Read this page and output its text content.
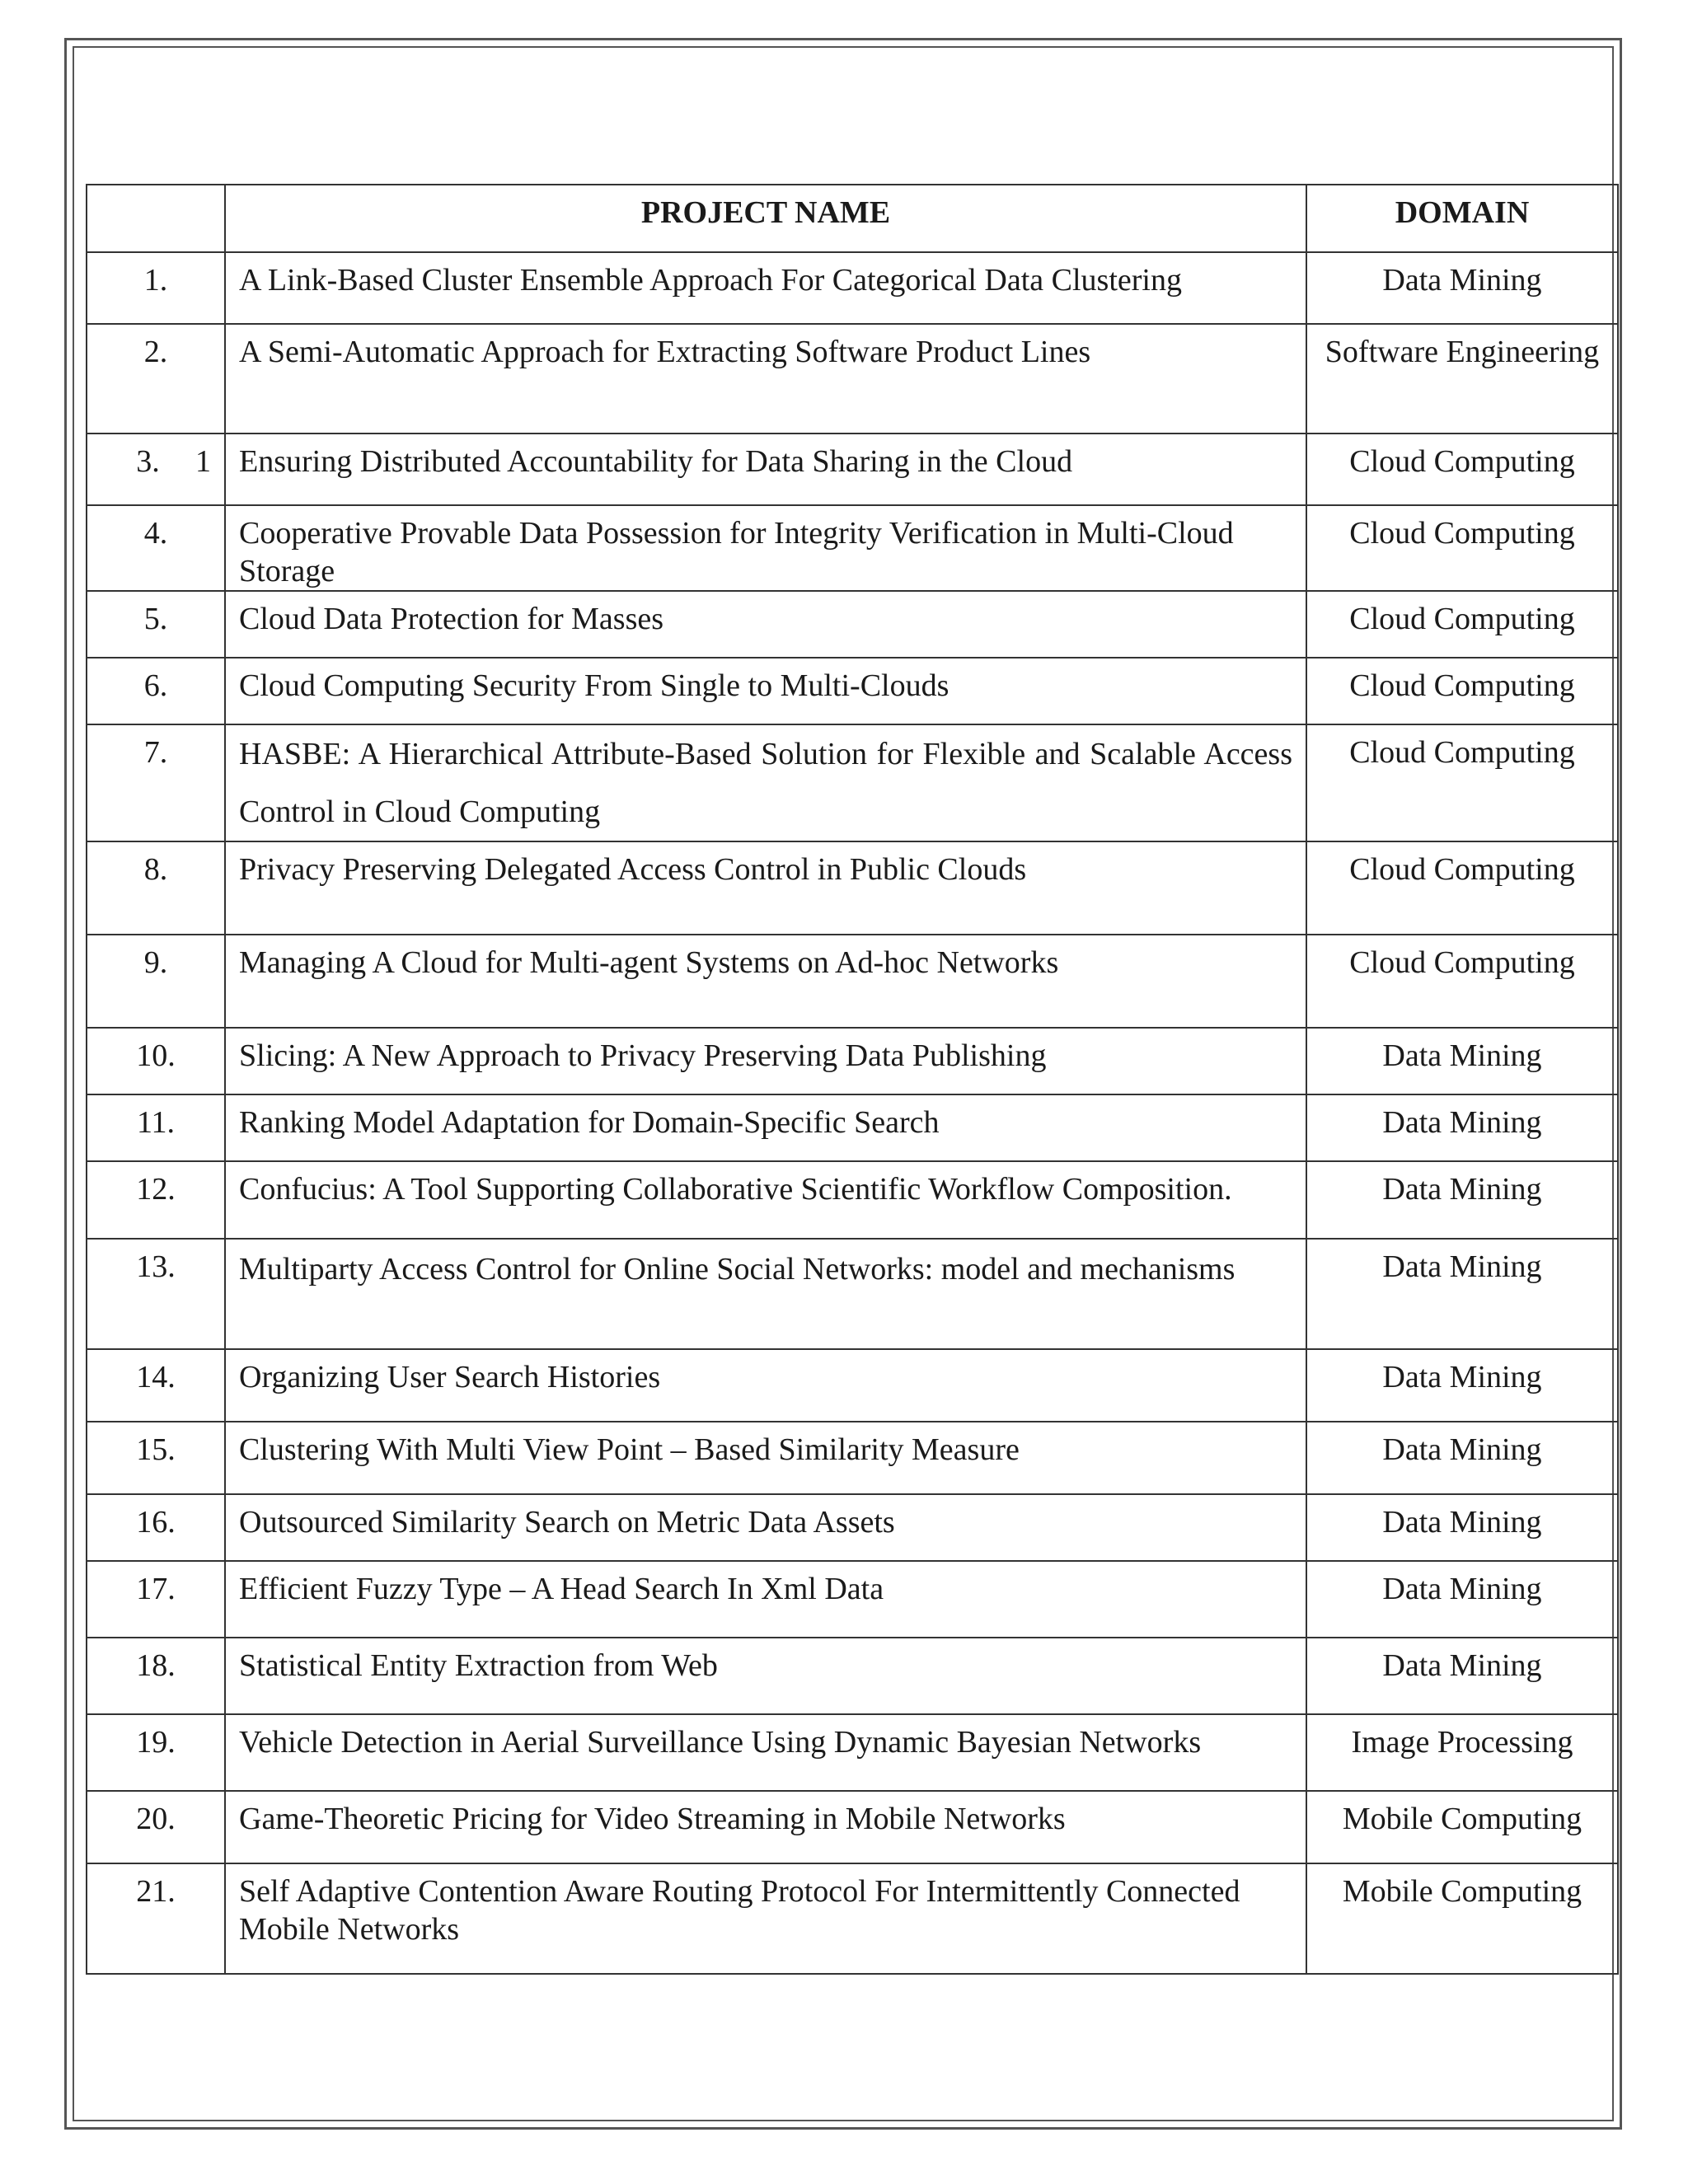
	PROJECT NAME	DOMAIN
1.	A Link-Based Cluster Ensemble Approach For Categorical Data Clustering	Data Mining
2.	A Semi-Automatic Approach for Extracting Software Product Lines	Software Engineering
3. 1	Ensuring Distributed Accountability for Data Sharing in the Cloud	Cloud Computing
4.	Cooperative Provable Data Possession for Integrity Verification in Multi-Cloud Storage	Cloud Computing
5.	Cloud Data Protection for Masses	Cloud Computing
6.	Cloud Computing Security From Single to Multi-Clouds	Cloud Computing
7.	HASBE: A Hierarchical Attribute-Based Solution for Flexible and Scalable Access Control in Cloud Computing	Cloud Computing
8.	Privacy Preserving Delegated Access Control in Public Clouds	Cloud Computing
9.	Managing A Cloud for Multi-agent Systems on Ad-hoc Networks	Cloud Computing
10.	Slicing: A New Approach to Privacy Preserving Data Publishing	Data Mining
11.	Ranking Model Adaptation for Domain-Specific Search	Data Mining
12.	Confucius: A Tool Supporting Collaborative Scientific Workflow Composition.	Data Mining
13.	Multiparty Access Control for Online Social Networks: model and mechanisms	Data Mining
14.	Organizing User Search Histories	Data Mining
15.	Clustering With Multi View Point – Based Similarity Measure	Data Mining
16.	Outsourced Similarity Search on Metric Data Assets	Data Mining
17.	Efficient Fuzzy Type – A Head Search In Xml Data	Data Mining
18.	Statistical Entity Extraction from Web	Data Mining
19.	Vehicle Detection in Aerial Surveillance Using Dynamic Bayesian Networks	Image Processing
20.	Game-Theoretic Pricing for Video Streaming in Mobile Networks	Mobile Computing
21.	Self Adaptive Contention Aware Routing Protocol For Intermittently Connected Mobile Networks	Mobile Computing
